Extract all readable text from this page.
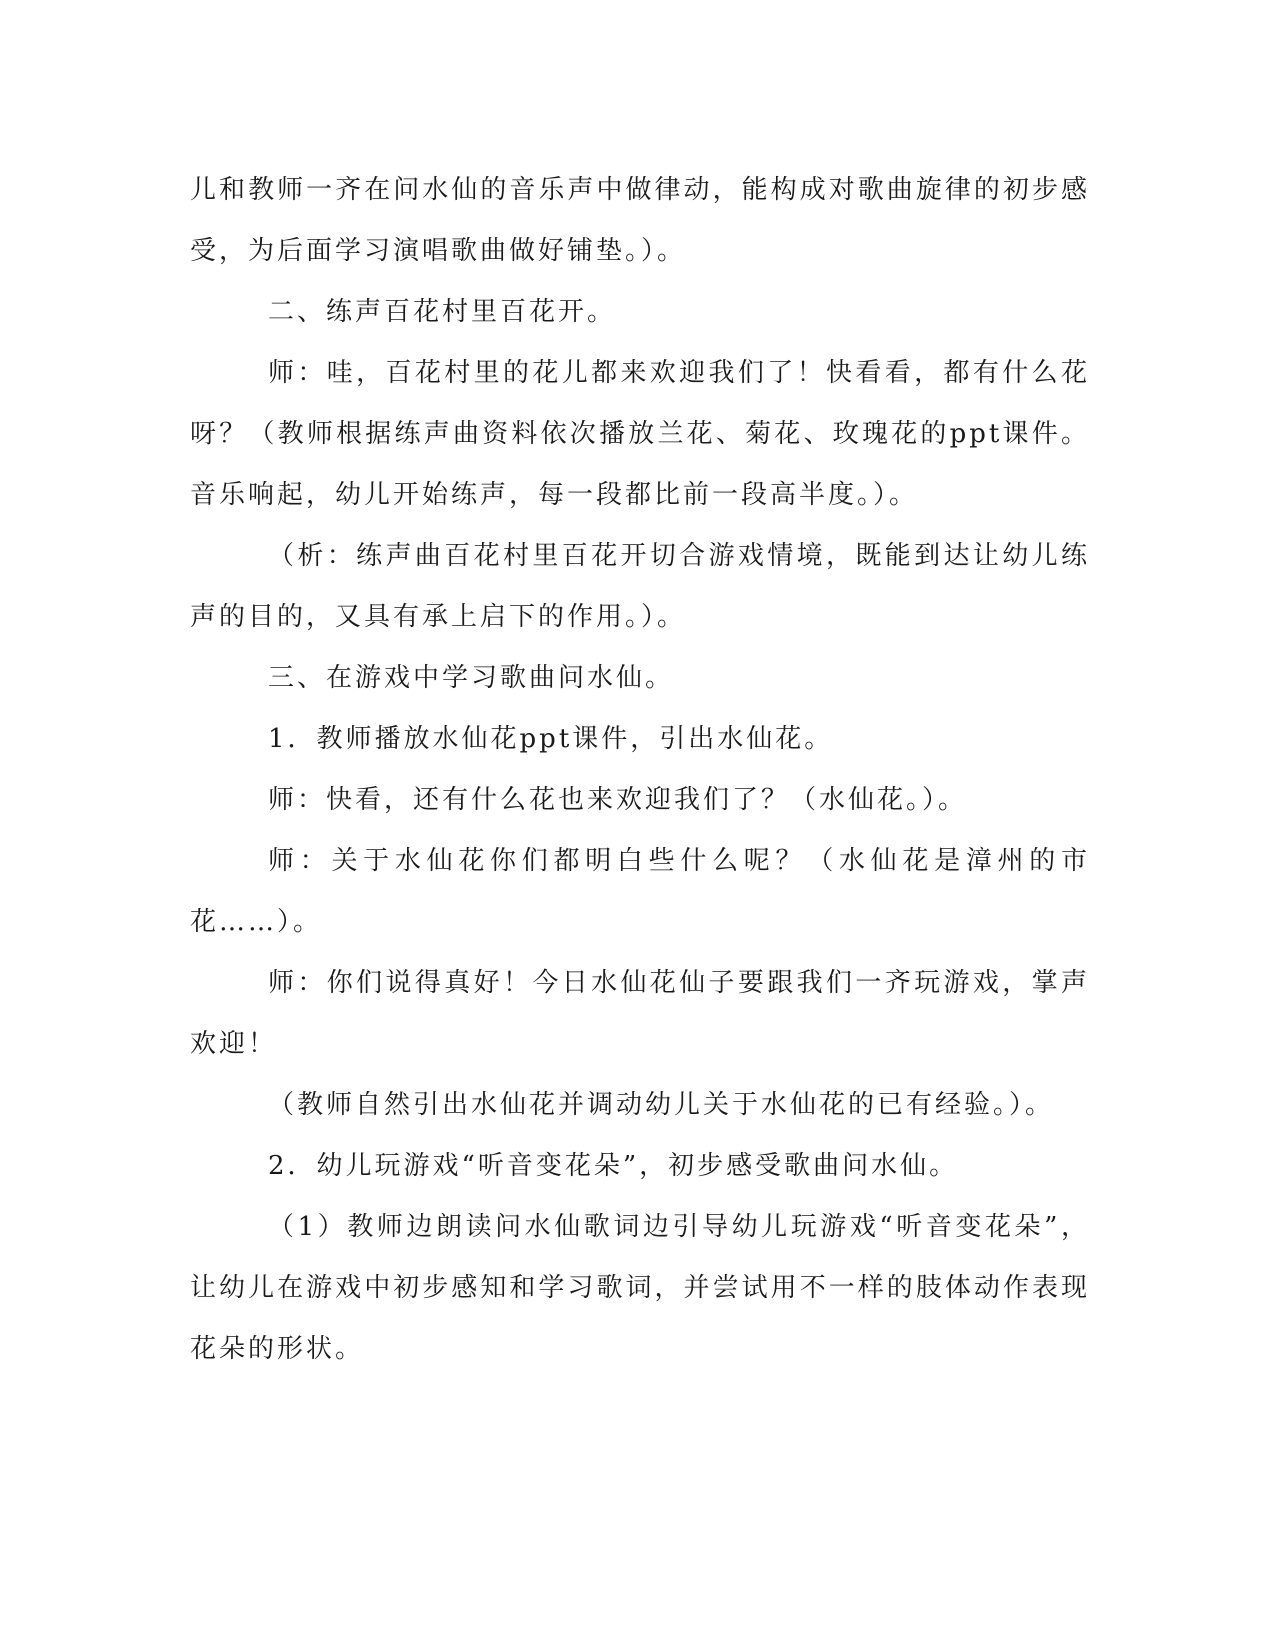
儿和教师一齐在问水仙的音乐声中做律动，能构成对歌曲旋律的初步感受，为后面学习演唱歌曲做好铺垫。）。

二、练声百花村里百花开。

师：哇，百花村里的花儿都来欢迎我们了！快看看，都有什么花呀？（教师根据练声曲资料依次播放兰花、菊花、玫瑰花的ppt课件。音乐响起，幼儿开始练声，每一段都比前一段高半度。）。

（析：练声曲百花村里百花开切合游戏情境，既能到达让幼儿练声的目的，又具有承上启下的作用。）。

三、在游戏中学习歌曲问水仙。

1．教师播放水仙花ppt课件，引出水仙花。

师：快看，还有什么花也来欢迎我们了？（水仙花。）。

师：关于水仙花你们都明白些什么呢？（水仙花是漳州的市花……）。

师：你们说得真好！今日水仙花仙子要跟我们一齐玩游戏，掌声欢迎！

（教师自然引出水仙花并调动幼儿关于水仙花的已有经验。）。

2．幼儿玩游戏“听音变花朵”，初步感受歌曲问水仙。

（1）教师边朗读问水仙歌词边引导幼儿玩游戏“听音变花朵”，让幼儿在游戏中初步感知和学习歌词，并尝试用不一样的肢体动作表现花朵的形状。
